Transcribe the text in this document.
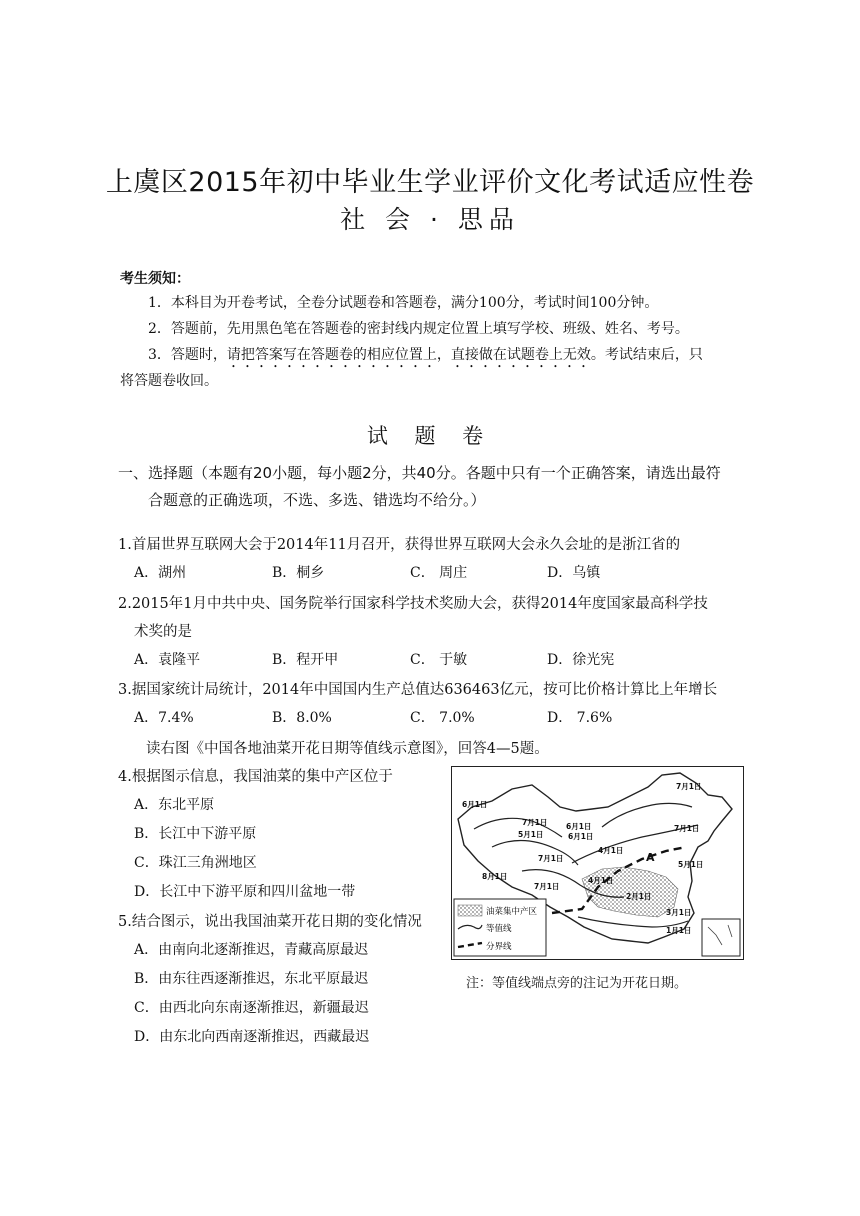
上虞区2015年初中毕业生学业评价文化考试适应性卷
社 会 · 思品
考生须知：
1．本科目为开卷考试，全卷分试题卷和答题卷，满分100分，考试时间100分钟。
2．答题前，先用黑色笔在答题卷的密封线内规定位置上填写学校、班级、姓名、考号。
3．答题时，请把答案写在答题卷的相应位置上，直接做在试题卷上无效。考试结束后，只
将答题卷收回。
试 题 卷
一、选择题（本题有20小题，每小题2分，共40分。各题中只有一个正确答案，请选出最符
合题意的正确选项，不选、多选、错选均不给分。）
1.首届世界互联网大会于2014年11月召开，获得世界互联网大会永久会址的是浙江省的
A．湖州	B．桐乡	C． 周庄	D．乌镇
2.2015年1月中共中央、国务院举行国家科学技术奖励大会，获得2014年度国家最高科学技
术奖的是
A．袁隆平	B．程开甲	C． 于敏	D．徐光宪
3.据国家统计局统计，2014年中国国内生产总值达636463亿元，按可比价格计算比上年增长
A．7.4%	B．8.0%	C． 7.0%	D． 7.6%
读右图《中国各地油菜开花日期等值线示意图》，回答4—5题。
4.根据图示信息，我国油菜的集中产区位于
A．东北平原
B．长江中下游平原
C．珠江三角洲地区
D．长江中下游平原和四川盆地一带
5.结合图示，说出我国油菜开花日期的变化情况
A．由南向北逐渐推迟，青藏高原最迟
B．由东往西逐渐推迟，东北平原最迟
C．由西北向东南逐渐推迟，新疆最迟
D．由东北向西南逐渐推迟，西藏最迟
油菜集中产区
等值线
分界线
6月1日
7月1日
7月1日 6月1日
5月1日	6月1日
7月1日
8月1日
7月1日
4月1日
7月1日
5月1日
4月1日
2月1日
3月1日
1月1日
A
注：等值线端点旁的注记为开花日期。
